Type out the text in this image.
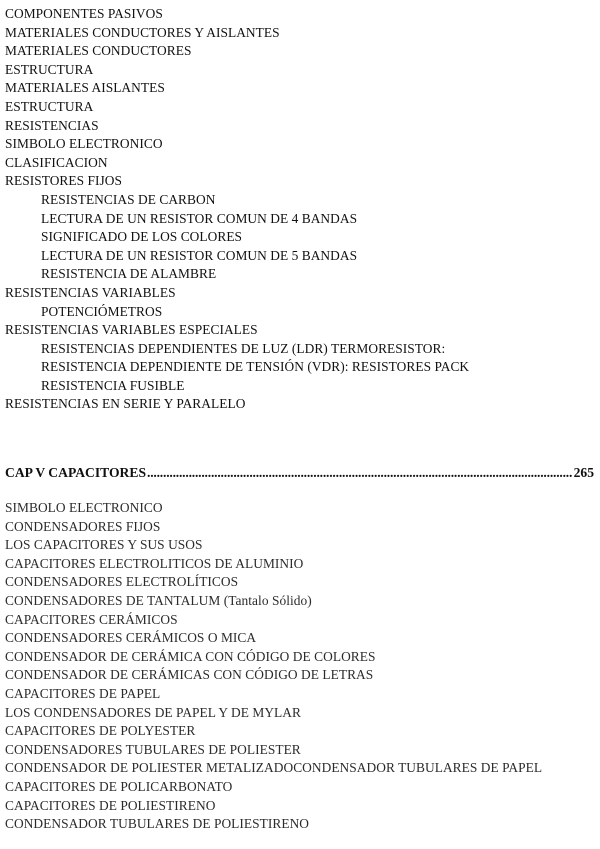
COMPONENTES PASIVOS
MATERIALES CONDUCTORES Y AISLANTES
MATERIALES CONDUCTORES
ESTRUCTURA
MATERIALES AISLANTES
ESTRUCTURA
RESISTENCIAS
SIMBOLO ELECTRONICO
CLASIFICACION
RESISTORES FIJOS
RESISTENCIAS DE CARBON
LECTURA DE UN RESISTOR COMUN DE 4 BANDAS
SIGNIFICADO DE LOS COLORES
LECTURA DE UN RESISTOR COMUN DE 5 BANDAS
RESISTENCIA DE ALAMBRE
RESISTENCIAS VARIABLES
POTENCIÓMETROS
RESISTENCIAS VARIABLES ESPECIALES
RESISTENCIAS DEPENDIENTES DE LUZ (LDR) TERMORESISTOR:
RESISTENCIA DEPENDIENTE DE TENSIÓN (VDR): RESISTORES PACK
RESISTENCIA FUSIBLE
RESISTENCIAS EN SERIE Y PARALELO
CAP V CAPACITORES
. . .	265
SIMBOLO ELECTRONICO
CONDENSADORES FIJOS
LOS CAPACITORES Y SUS USOS
CAPACITORES ELECTROLITICOS DE ALUMINIO
CONDENSADORES ELECTROLÍTICOS
CONDENSADORES DE TANTALUM (Tantalo Sólido)
CAPACITORES CERÁMICOS
CONDENSADORES CERÁMICOS O MICA
CONDENSADOR DE CERÁMICA CON CÓDIGO DE COLORES
CONDENSADOR DE CERÁMICAS CON CÓDIGO DE LETRAS
CAPACITORES DE PAPEL
LOS CONDENSADORES DE PAPEL Y DE MYLAR
CAPACITORES DE POLYESTER
CONDENSADORES TUBULARES DE POLIESTER
CONDENSADOR DE POLIESTER METALIZADOCONDENSADOR TUBULARES DE PAPEL
CAPACITORES DE POLICARBONATO
CAPACITORES DE POLIESTIRENO
CONDENSADOR TUBULARES DE POLIESTIRENO
